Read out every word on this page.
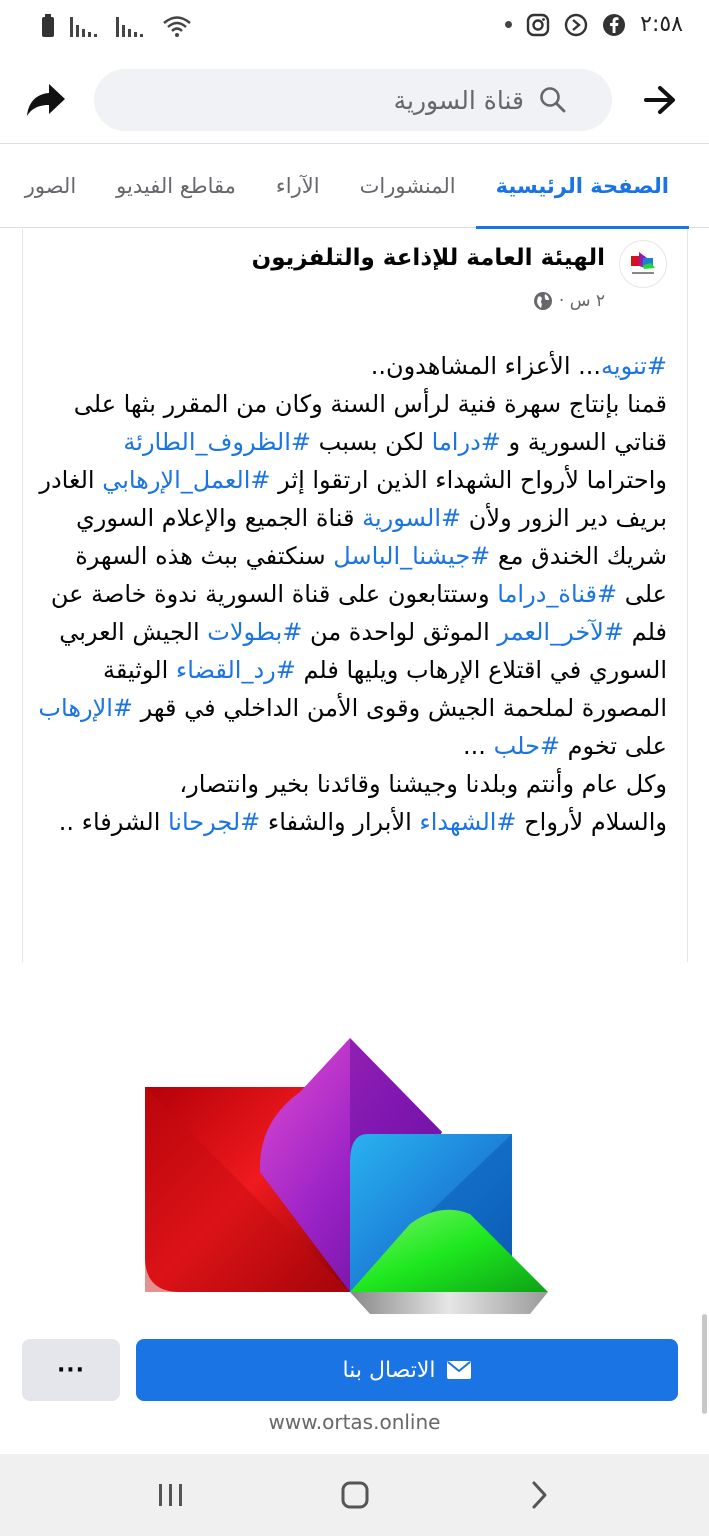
٢:٥٨
قناة السورية
الصفحة الرئيسية
المنشورات
الآراء
مقاطع الفيديو
الصور
الهيئة العامة للإذاعة والتلفزيون
٢ س ·
#تنويه... الأعزاء المشاهدون..
قمنا بإنتاج سهرة فنية لرأس السنة وكان من المقرر بثها على قناتي السورية و #دراما لكن بسبب #الظروف_الطارئة واحتراما لأرواح الشهداء الذين ارتقوا إثر #العمل_الإرهابي الغادر بريف دير الزور ولأن #السورية قناة الجميع والإعلام السوري شريك الخندق مع #جيشنا_الباسل سنكتفي ببث هذه السهرة على #قناة_دراما وستتابعون على قناة السورية ندوة خاصة عن فلم #لآخر_العمر الموثق لواحدة من #بطولات الجيش العربي السوري في اقتلاع الإرهاب ويليها فلم #رد_القضاء الوثيقة المصورة لملحمة الجيش وقوى الأمن الداخلي في قهر #الإرهاب على تخوم #حلب ...
وكل عام وأنتم وبلدنا وجيشنا وقائدنا بخير وانتصار،
والسلام لأرواح #الشهداء الأبرار والشفاء #لجرحانا الشرفاء ..
···	الاتصال بنا
www.ortas.online
